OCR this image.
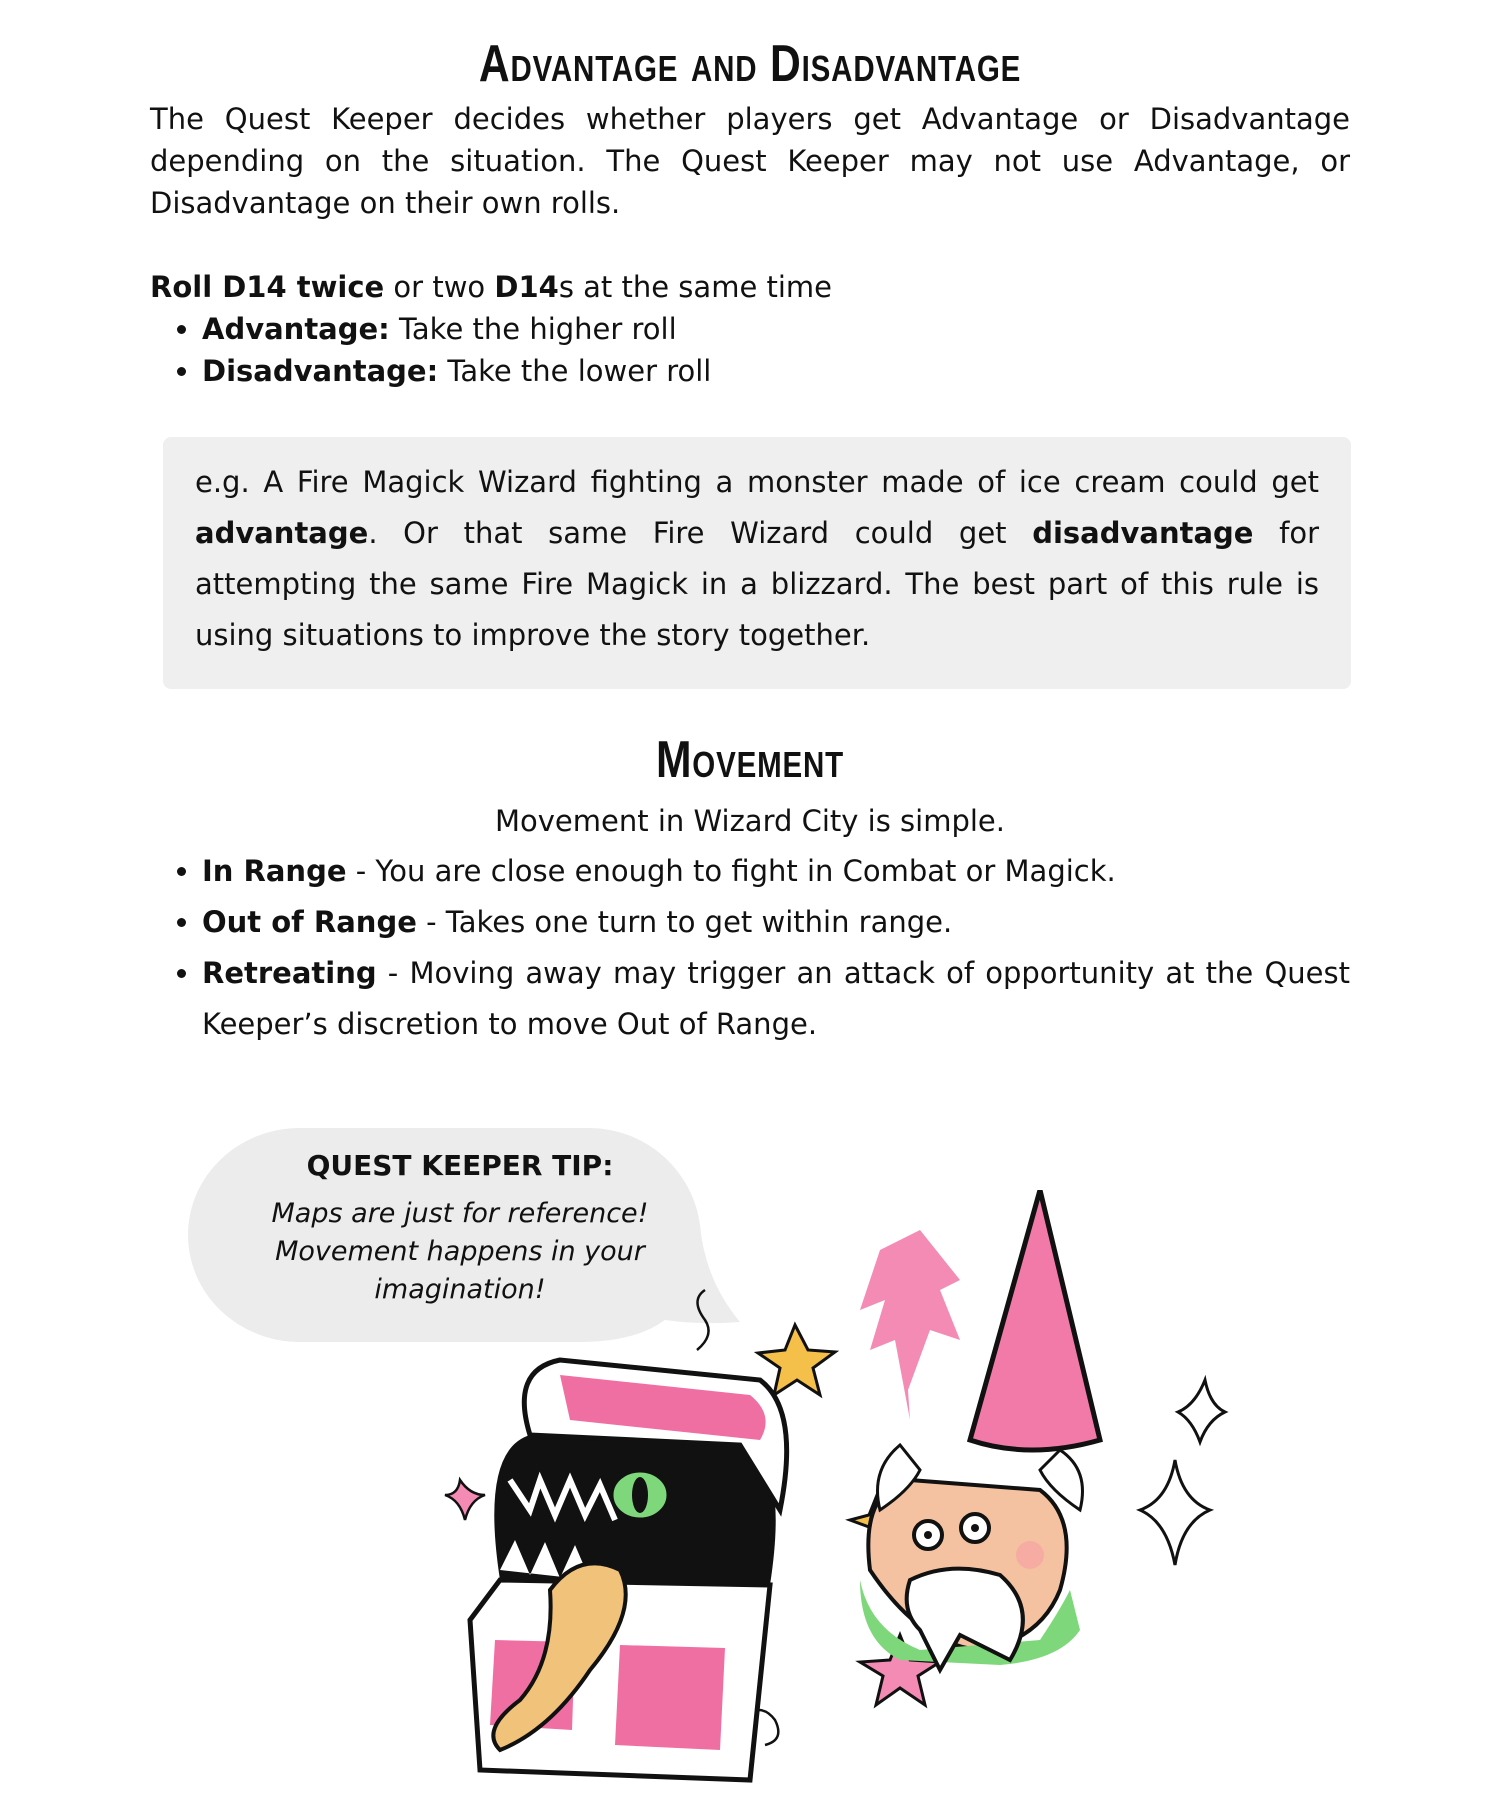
Advantage and Disadvantage

The Quest Keeper decides whether players get Advantage or Disadvantage depending on the situation. The Quest Keeper may not use Advantage, or Disadvantage on their own rolls.

Roll D14 twice or two D14s at the same time

• Advantage: Take the higher roll
• Disadvantage: Take the lower roll
e.g. A Fire Magick Wizard fighting a monster made of ice cream could get advantage. Or that same Fire Wizard could get disadvantage for attempting the same Fire Magick in a blizzard. The best part of this rule is using situations to improve the story together.
Movement

Movement in Wizard City is simple.

• In Range - You are close enough to fight in Combat or Magick.
• Out of Range - Takes one turn to get within range.
• Retreating - Moving away may trigger an attack of opportunity at the Quest Keeper’s discretion to move Out of Range.

QUEST KEEPER TIP:

Maps are just for reference!
Movement happens in your
imagination!
